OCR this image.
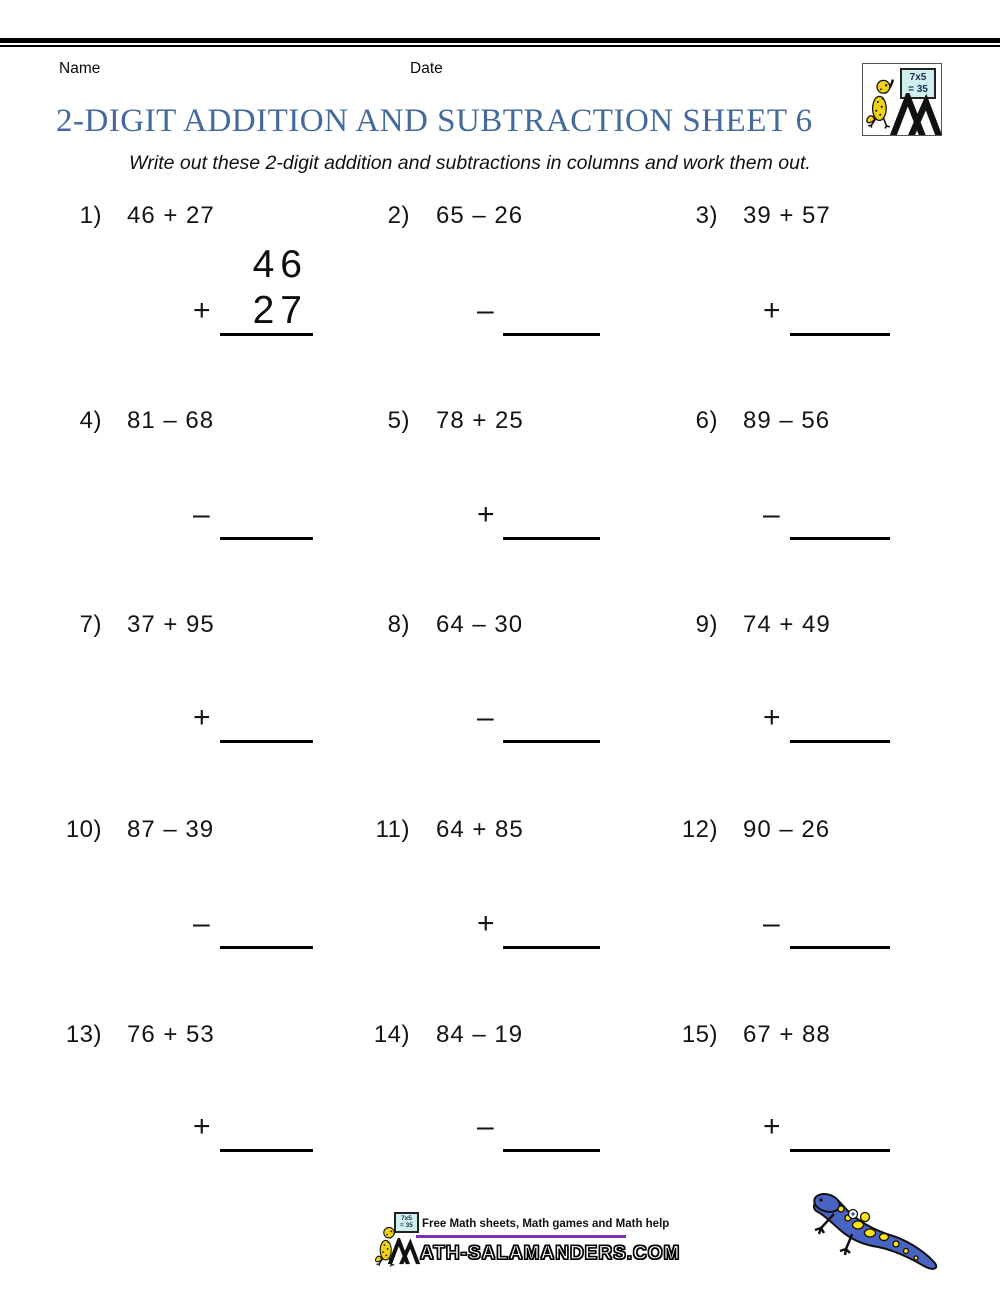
Name	Date
7x5
= 35
2-DIGIT ADDITION AND SUBTRACTION SHEET 6
Write out these 2-digit addition and subtractions in columns and work them out.
1) 46 + 27
46
27
+
2) 65 – 26
–
3) 39 + 57
+
4) 81 – 68
–
5) 78 + 25
+
6) 89 – 56
–
7) 37 + 95
+
8) 64 – 30
–
9) 74 + 49
+
10) 87 – 39
–
11) 64 + 85
+
12) 90 – 26
–
13) 76 + 53
+
14) 84 – 19
–
15) 67 + 88
+
7x5
= 35 Free Math sheets, Math games and Math help
ATH-SALAMANDERS.COM
